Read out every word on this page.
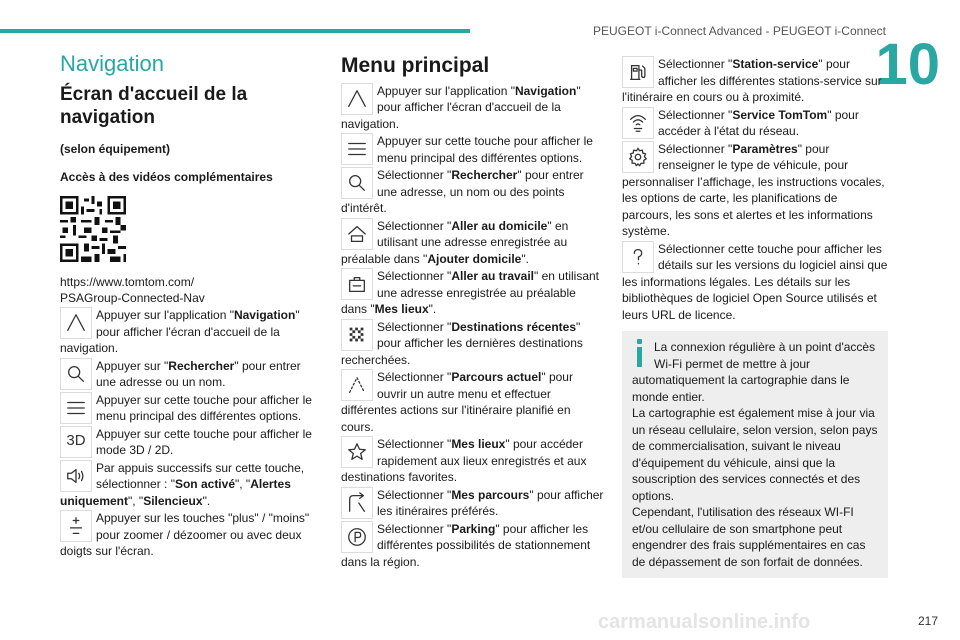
PEUGEOT i-Connect Advanced - PEUGEOT i-Connect
10
Navigation
Écran d'accueil de la navigation
(selon équipement)
Accès à des vidéos complémentaires
https://www.tomtom.com/
PSAGroup-Connected-Nav
Appuyer sur l'application "Navigation" pour afficher l'écran d'accueil de la navigation.
Appuyer sur "Rechercher" pour entrer une adresse ou un nom.
Appuyer sur cette touche pour afficher le menu principal des différentes options.
3D Appuyer sur cette touche pour afficher le mode 3D / 2D.
Par appuis successifs sur cette touche, sélectionner : "Son activé", "Alertes uniquement", "Silencieux".
Appuyer sur les touches "plus" / "moins" pour zoomer / dézoomer ou avec deux doigts sur l'écran.
Menu principal
Appuyer sur l'application "Navigation" pour afficher l'écran d'accueil de la navigation.
Appuyer sur cette touche pour afficher le menu principal des différentes options.
Sélectionner "Rechercher" pour entrer une adresse, un nom ou des points d'intérêt.
Sélectionner "Aller au domicile" en utilisant une adresse enregistrée au préalable dans "Ajouter domicile".
Sélectionner "Aller au travail" en utilisant une adresse enregistrée au préalable dans "Mes lieux".
Sélectionner "Destinations récentes" pour afficher les dernières destinations recherchées.
Sélectionner "Parcours actuel" pour ouvrir un autre menu et effectuer différentes actions sur l'itinéraire planifié en cours.
Sélectionner "Mes lieux" pour accéder rapidement aux lieux enregistrés et aux destinations favorites.
Sélectionner "Mes parcours" pour afficher les itinéraires préférés.
Sélectionner "Parking" pour afficher les différentes possibilités de stationnement dans la région.
Sélectionner "Station-service" pour afficher les différentes stations-service sur l'itinéraire en cours ou à proximité.
Sélectionner "Service TomTom" pour accéder à l'état du réseau.
Sélectionner "Paramètres" pour renseigner le type de véhicule, pour personnaliser l’affichage, les instructions vocales, les options de carte, les planifications de parcours, les sons et alertes et les informations système.
Sélectionner cette touche pour afficher les détails sur les versions du logiciel ainsi que les informations légales. Les détails sur les bibliothèques de logiciel Open Source utilisés et leurs URL de licence.
La connexion régulière à un point d'accès Wi-Fi permet de mettre à jour automatiquement la cartographie dans le monde entier.
La cartographie est également mise à jour via un réseau cellulaire, selon version, selon pays de commercialisation, suivant le niveau d'équipement du véhicule, ainsi que la souscription des services connectés et des options.
Cependant, l'utilisation des réseaux WI-FI et/ou cellulaire de son smartphone peut engendrer des frais supplémentaires en cas de dépassement de son forfait de données.
carmanualsonline.info	217
